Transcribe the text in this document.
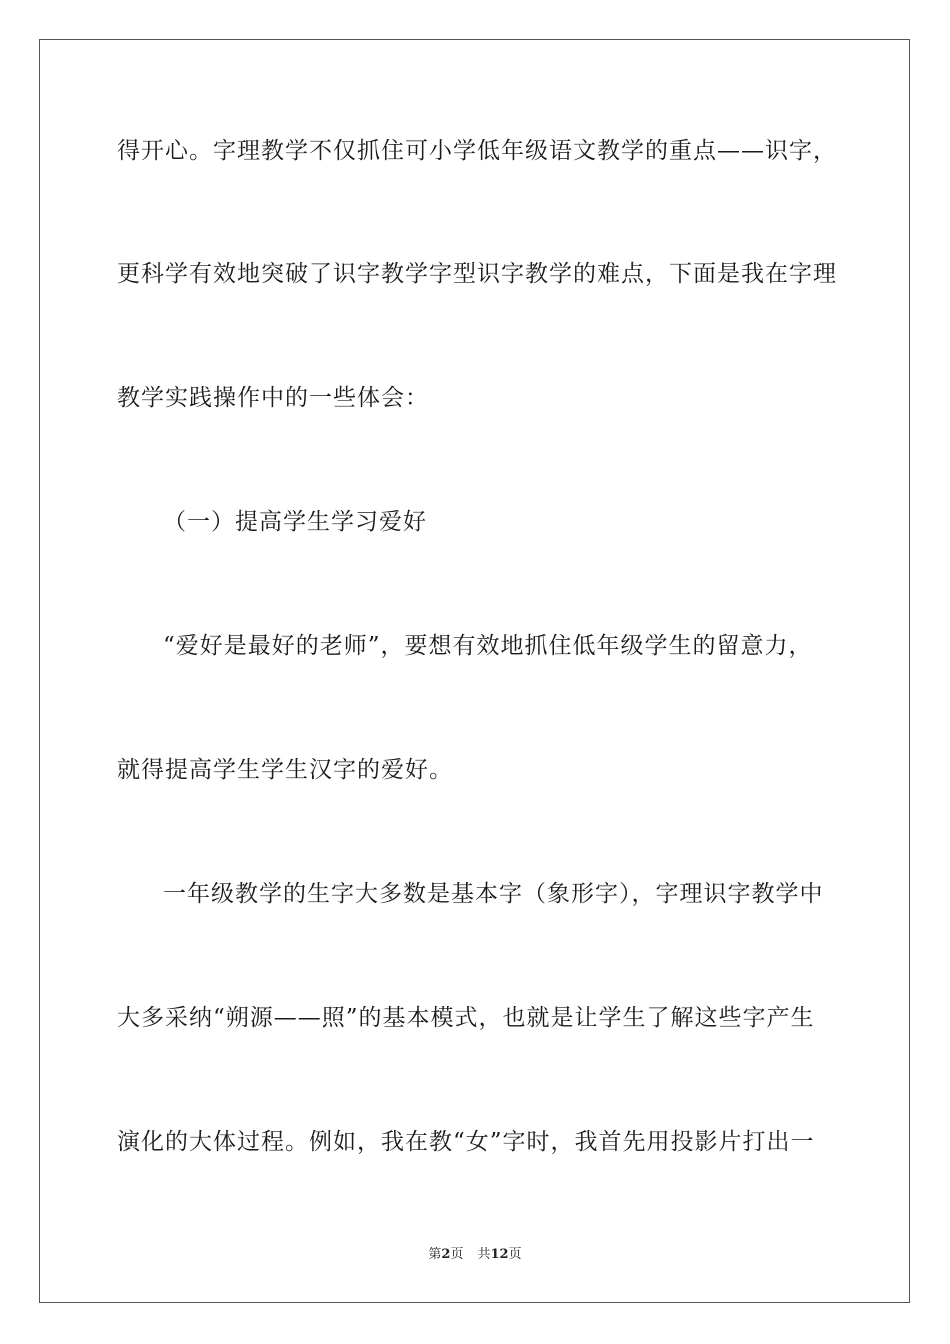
得开心。字理教学不仅抓住可小学低年级语文教学的重点——识字，
更科学有效地突破了识字教学字型识字教学的难点，下面是我在字理
教学实践操作中的一些体会：
（一）提高学生学习爱好
“爱好是最好的老师”，要想有效地抓住低年级学生的留意力，
就得提高学生学生汉字的爱好。
一年级教学的生字大多数是基本字（象形字），字理识字教学中
大多采纳“朔源——照”的基本模式，也就是让学生了解这些字产生
演化的大体过程。例如，我在教“女”字时，我首先用投影片打出一
第2页 共12页
